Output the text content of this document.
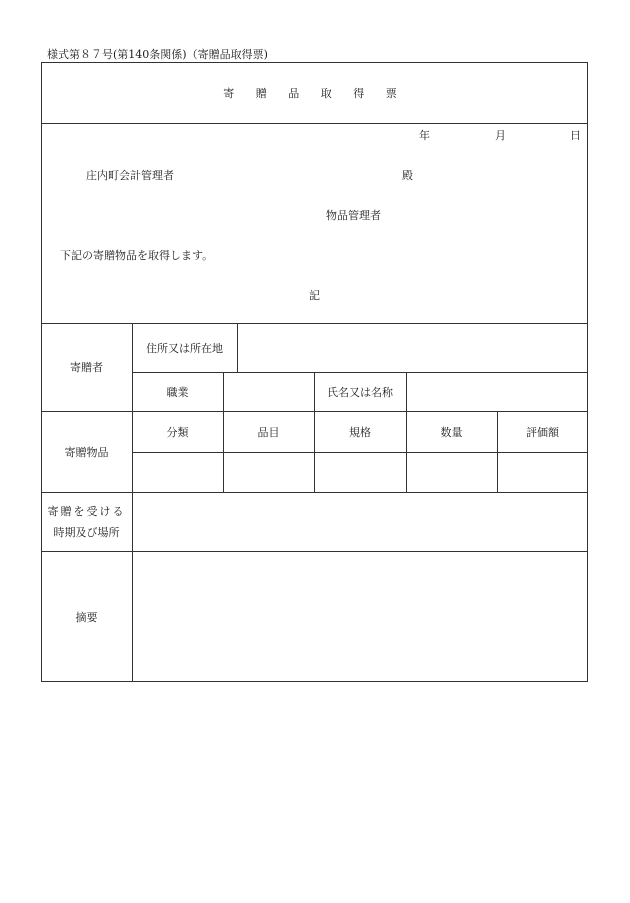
様式第８７号(第140条関係)（寄贈品取得票)
寄 贈 品 取 得 票
年	月	日
庄内町会計管理者	殿
物品管理者
下記の寄贈物品を取得します。
記
寄贈者
住所又は所在地
職業	氏名又は名称
寄贈物品
分類	品目	規格	数量	評価額
寄贈を受ける
時期及び場所
摘要
